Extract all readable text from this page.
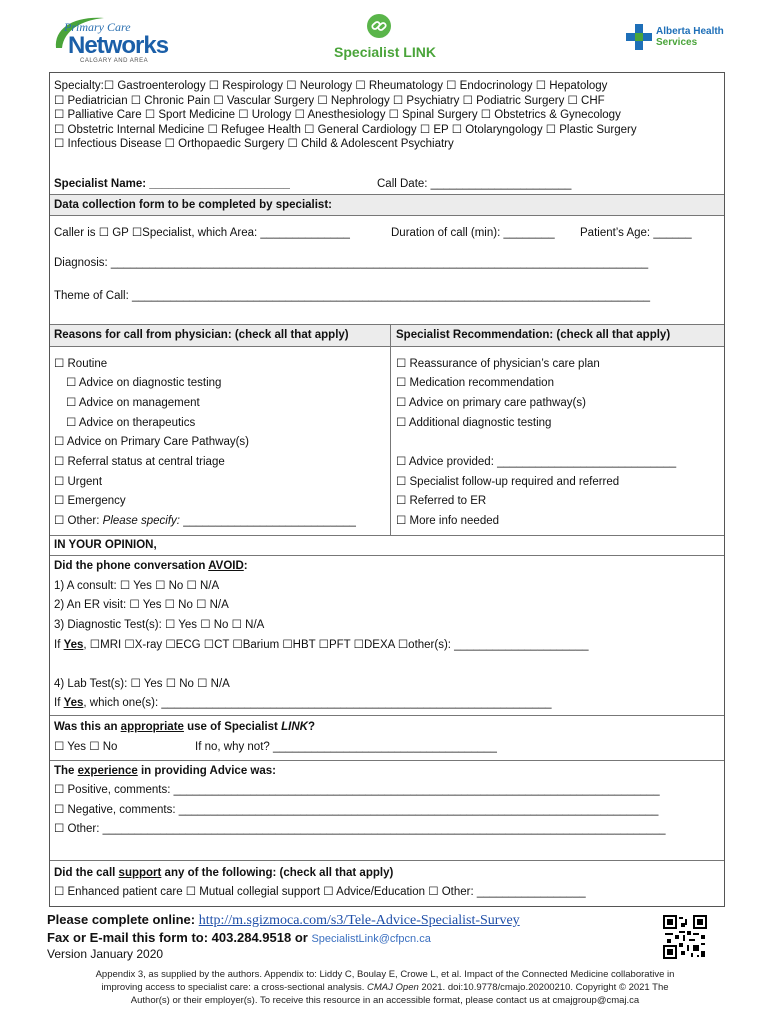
Primary Care
Networks
CALGARY AND AREA
Specialist LINK
Alberta Health
Services
Specialty:☐ Gastroenterology ☐ Respirology ☐ Neurology ☐ Rheumatology ☐ Endocrinology ☐ Hepatology
☐ Pediatrician ☐ Chronic Pain ☐ Vascular Surgery ☐ Nephrology ☐ Psychiatry ☐ Podiatric Surgery ☐ CHF
☐ Palliative Care ☐ Sport Medicine ☐ Urology ☐ Anesthesiology ☐ Spinal Surgery ☐ Obstetrics & Gynecology
☐ Obstetric Internal Medicine ☐ Refugee Health ☐ General Cardiology ☐ EP ☐ Otolaryngology ☐ Plastic Surgery
☐ Infectious Disease ☐ Orthopaedic Surgery ☐ Child & Adolescent Psychiatry
Specialist Name: ______________________	Call Date: ______________________
Data collection form to be completed by specialist:
Caller is ☐ GP ☐Specialist, which Area: ______________	Duration of call (min): ________ Patient’s Age: ______
Diagnosis: ____________________________________________________________________________________
Theme of Call: _________________________________________________________________________________
Reasons for call from physician: (check all that apply)	Specialist Recommendation: (check all that apply)
☐ Routine
☐ Advice on diagnostic testing
☐ Advice on management
☐ Advice on therapeutics
☐ Advice on Primary Care Pathway(s)
☐ Referral status at central triage
☐ Urgent
☐ Emergency
☐ Other: Please specify: ___________________________
☐ Reassurance of physician’s care plan
☐ Medication recommendation
☐ Advice on primary care pathway(s)
☐ Additional diagnostic testing
☐ Advice provided: ____________________________
☐ Specialist follow-up required and referred
☐ Referred to ER
☐ More info needed
IN YOUR OPINION,
Did the phone conversation AVOID:
1) A consult: ☐ Yes ☐ No ☐ N/A
2) An ER visit: ☐ Yes ☐ No ☐ N/A
3) Diagnostic Test(s): ☐ Yes ☐ No ☐ N/A
If Yes, ☐MRI ☐X-ray ☐ECG ☐CT ☐Barium ☐HBT ☐PFT ☐DEXA ☐other(s): _____________________
4) Lab Test(s): ☐ Yes ☐ No ☐ N/A
If Yes, which one(s): _____________________________________________________________
Was this an appropriate use of Specialist LINK?
☐ Yes ☐ No	If no, why not? ___________________________________
The experience in providing Advice was:
☐ Positive, comments: ____________________________________________________________________________
☐ Negative, comments: ___________________________________________________________________________
☐ Other: ________________________________________________________________________________________
Did the call support any of the following: (check all that apply)
☐ Enhanced patient care ☐ Mutual collegial support ☐ Advice/Education ☐ Other: _________________
Please complete online: http://m.sgizmoca.com/s3/Tele-Advice-Specialist-Survey
Fax or E-mail this form to: 403.284.9518 or SpecialistLink@cfpcn.ca
Version January 2020
Appendix 3, as supplied by the authors. Appendix to: Liddy C, Boulay E, Crowe L, et al. Impact of the Connected Medicine collaborative in
improving access to specialist care: a cross-sectional analysis. CMAJ Open 2021. doi:10.9778/cmajo.20200210. Copyright © 2021 The
Author(s) or their employer(s). To receive this resource in an accessible format, please contact us at cmajgroup@cmaj.ca
